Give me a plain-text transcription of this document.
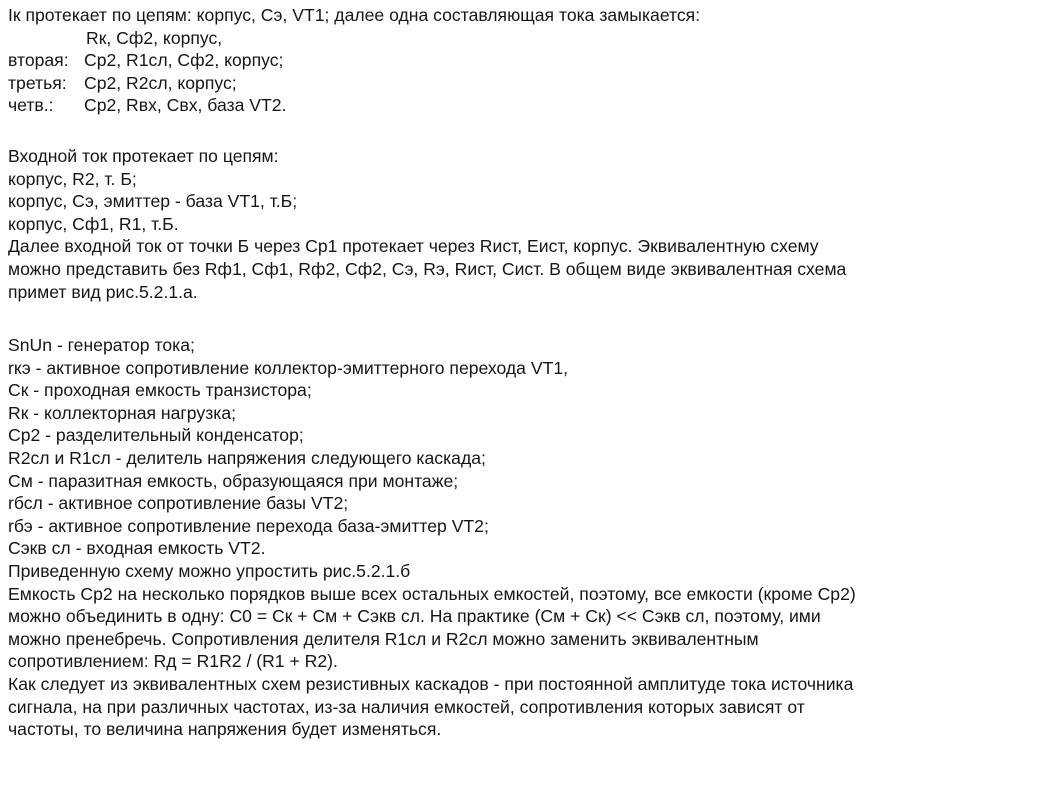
Iк протекает по цепям: корпус, Сэ, VT1; далее одна составляющая тока замыкается:
Rк, Сф2, корпус,
вторая: Ср2, R1сл, Сф2, корпус;
третья: Ср2, R2сл, корпус;
четв.: Ср2, Rвх, Свх, база VT2.
Входной ток протекает по цепям:
корпус, R2, т. Б;
корпус, Сэ, эмиттер - база VT1, т.Б;
корпус, Сф1, R1, т.Б.
Далее входной ток от точки Б через Ср1 протекает через Rист, Еист, корпус. Эквивалентную схему
можно представить без Rф1, Сф1, Rф2, Сф2, Сэ, Rэ, Rист, Сист. В общем виде эквивалентная схема
примет вид рис.5.2.1.а.
SnUn - генератор тока;
rкэ - активное сопротивление коллектор-эмиттерного перехода VT1,
Ск - проходная емкость транзистора;
Rк - коллекторная нагрузка;
Ср2 - разделительный конденсатор;
R2сл и R1сл - делитель напряжения следующего каскада;
См - паразитная емкость, образующаяся при монтаже;
rбсл - активное сопротивление базы VT2;
rбэ - активное сопротивление перехода база-эмиттер VT2;
Сэкв сл - входная емкость VT2.
Приведенную схему можно упростить рис.5.2.1.б
Емкость Ср2 на несколько порядков выше всех остальных емкостей, поэтому, все емкости (кроме Ср2)
можно объединить в одну: С0 = Ск + См + Сэкв сл. На практике (См + Ск) << Сэкв сл, поэтому, ими
можно пренебречь. Сопротивления делителя R1сл и R2сл можно заменить эквивалентным
сопротивлением: Rд = R1R2 / (R1 + R2).
Как следует из эквивалентных схем резистивных каскадов - при постоянной амплитуде тока источника
сигнала, на при различных частотах, из-за наличия емкостей, сопротивления которых зависят от
частоты, то величина напряжения будет изменяться.
